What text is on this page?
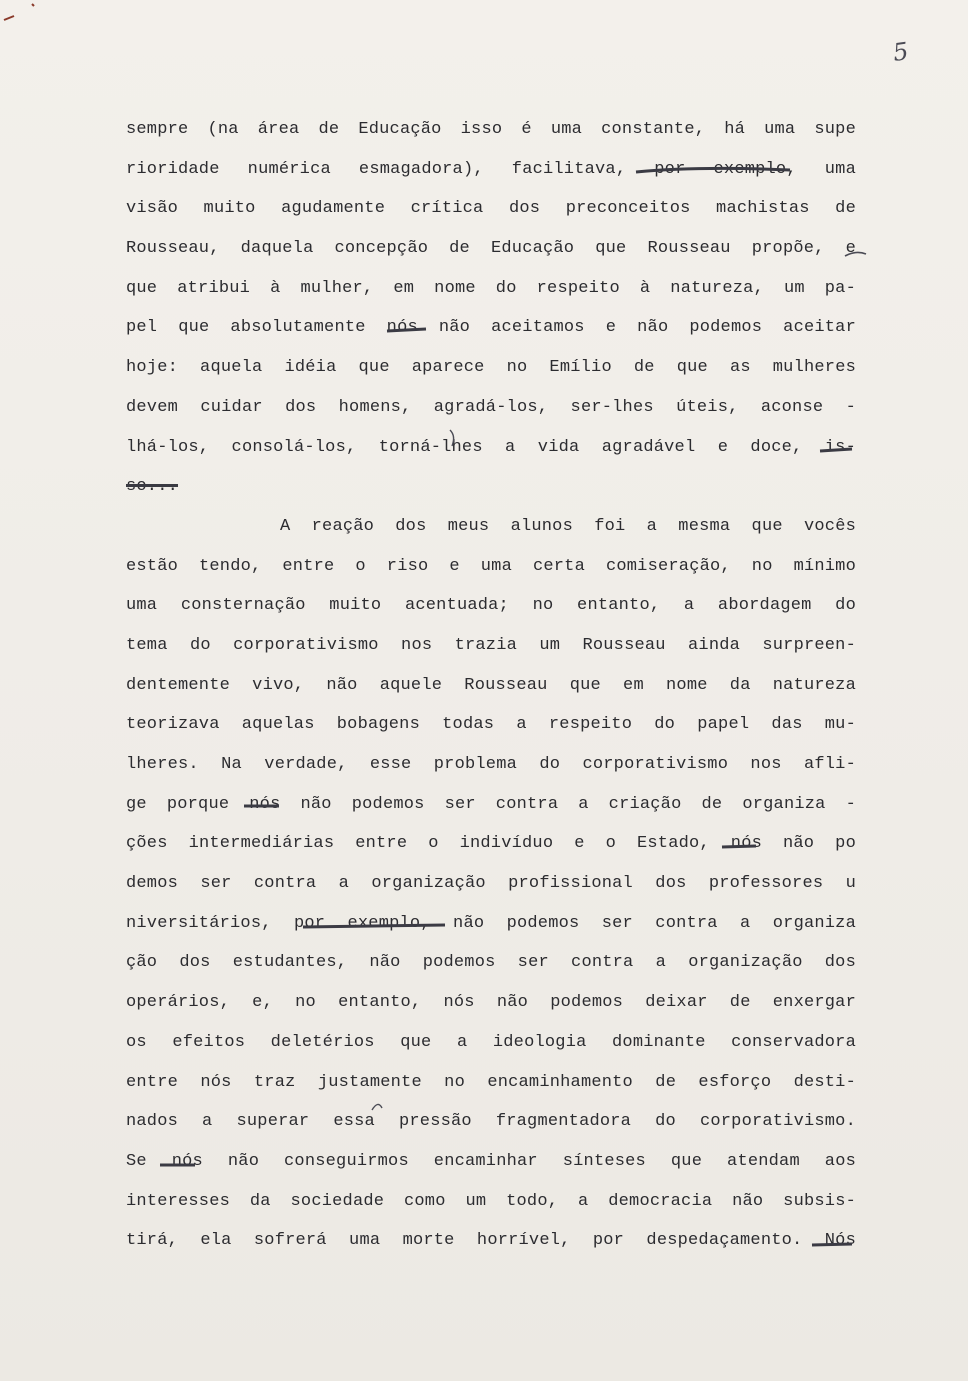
5
sempre (na área de Educação isso é uma constante, há uma supe
rioridade numérica esmagadora), facilitava, por exemplo, uma
visão muito agudamente crítica dos preconceitos machistas de
Rousseau, daquela concepção de Educação que Rousseau propõe, e
que atribui à mulher, em nome do respeito à natureza, um pa-
pel que absolutamente nós não aceitamos e não podemos aceitar
hoje: aquela idéia que aparece no Emílio de que as mulheres
devem cuidar dos homens, agradá-los, ser-lhes úteis, aconse -
lhá-los, consolá-los, torná-lhes a vida agradável e doce, is-
so...
A reação dos meus alunos foi a mesma que vocês
estão tendo, entre o riso e uma certa comiseração, no mínimo
uma consternação muito acentuada; no entanto, a abordagem do
tema do corporativismo nos trazia um Rousseau ainda surpreen-
dentemente vivo, não aquele Rousseau que em nome da natureza
teorizava aquelas bobagens todas a respeito do papel das mu-
lheres. Na verdade, esse problema do corporativismo nos afli-
ge porque nós não podemos ser contra a criação de organiza -
ções intermediárias entre o indivíduo e o Estado, nós não po
demos ser contra a organização profissional dos professores u
niversitários, por exemplo, não podemos ser contra a organiza
ção dos estudantes, não podemos ser contra a organização dos
operários, e, no entanto, nós não podemos deixar de enxergar
os efeitos deletérios que a ideologia dominante conservadora
entre nós traz justamente no encaminhamento de esforço desti-
nados a superar essa pressão fragmentadora do corporativismo.
Se nós não conseguirmos encaminhar sínteses que atendam aos
interesses da sociedade como um todo, a democracia não subsis-
tirá, ela sofrerá uma morte horrível, por despedaçamento. Nós
